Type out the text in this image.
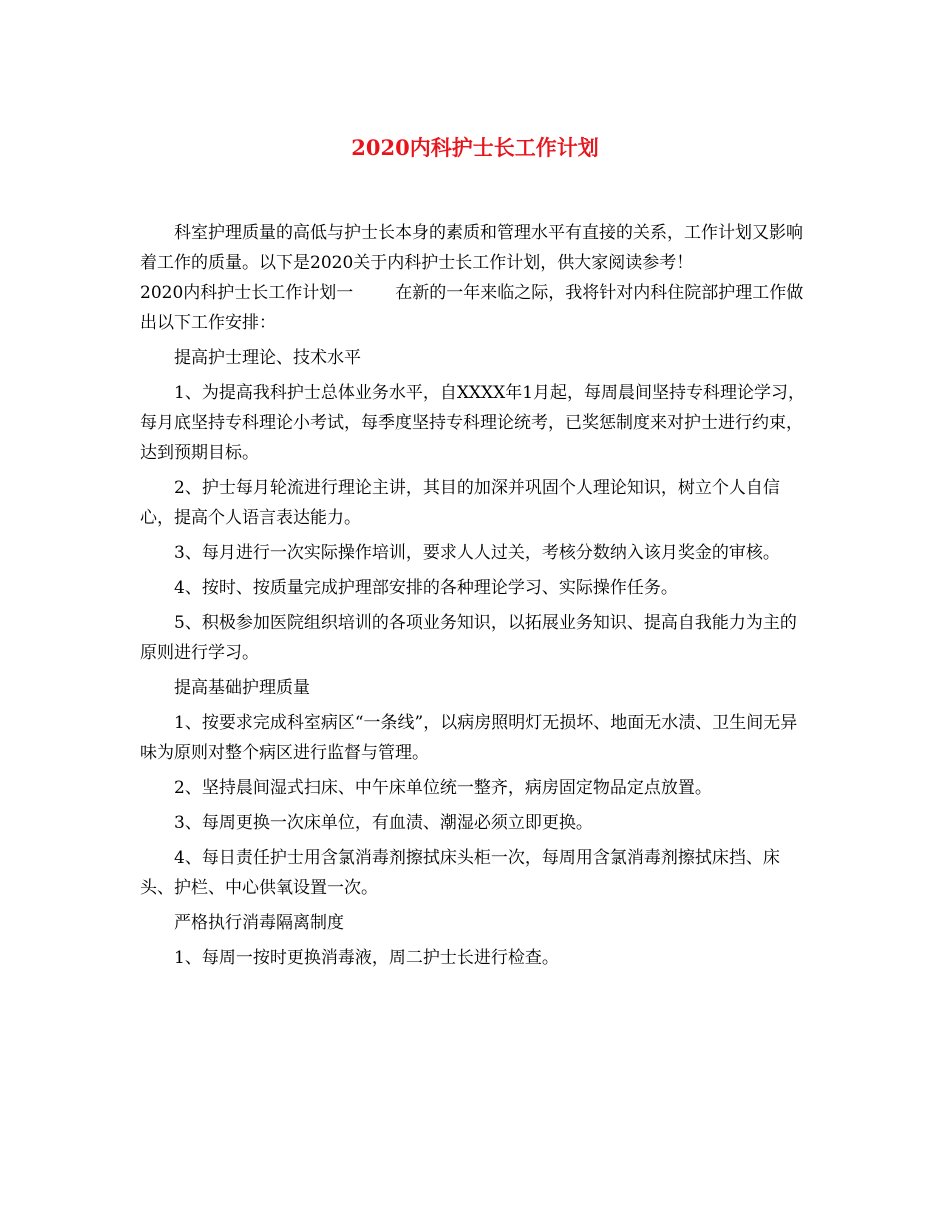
2020内科护士长工作计划

科室护理质量的高低与护士长本身的素质和管理水平有直接的关系，工作计划又影响着工作的质量。以下是2020关于内科护士长工作计划，供大家阅读参考！

2020内科护士长工作计划一 在新的一年来临之际，我将针对内科住院部护理工作做出以下工作安排：

提高护士理论、技术水平

1、为提高我科护士总体业务水平，自XXXX年1月起，每周晨间坚持专科理论学习，每月底坚持专科理论小考试，每季度坚持专科理论统考，已奖惩制度来对护士进行约束，达到预期目标。

2、护士每月轮流进行理论主讲，其目的加深并巩固个人理论知识，树立个人自信心，提高个人语言表达能力。

3、每月进行一次实际操作培训，要求人人过关，考核分数纳入该月奖金的审核。

4、按时、按质量完成护理部安排的各种理论学习、实际操作任务。

5、积极参加医院组织培训的各项业务知识，以拓展业务知识、提高自我能力为主的原则进行学习。

提高基础护理质量

1、按要求完成科室病区“一条线”，以病房照明灯无损坏、地面无水渍、卫生间无异味为原则对整个病区进行监督与管理。

2、坚持晨间湿式扫床、中午床单位统一整齐，病房固定物品定点放置。

3、每周更换一次床单位，有血渍、潮湿必须立即更换。

4、每日责任护士用含氯消毒剂擦拭床头柜一次，每周用含氯消毒剂擦拭床挡、床头、护栏、中心供氧设置一次。

严格执行消毒隔离制度

1、每周一按时更换消毒液，周二护士长进行检查。
